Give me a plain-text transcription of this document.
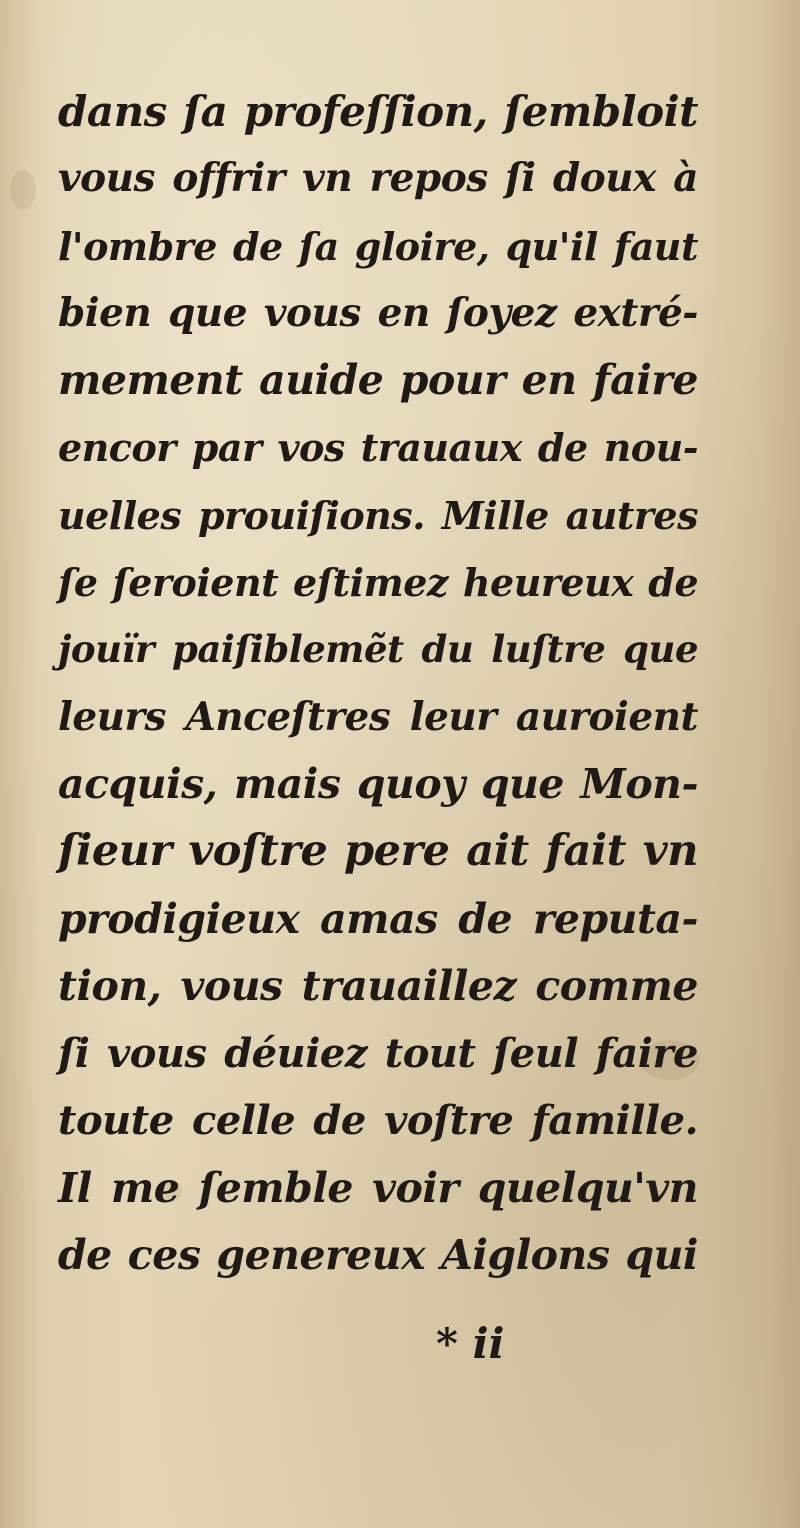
dans ſa profeſſion, ſembloit
vous offrir vn repos ſi doux à
l'ombre de ſa gloire, qu'il faut
bien que vous en ſoyez extré-
mement auide pour en faire
encor par vos trauaux de nou-
uelles prouiſions. Mille autres
ſe ſeroient eſtimez heureux de
jouïr paiſiblemẽt du luſtre que
leurs Anceſtres leur auroient
acquis, mais quoy que Mon-
ſieur voſtre pere ait fait vn
prodigieux amas de reputa-
tion, vous trauaillez comme
ſi vous déuiez tout ſeul faire
toute celle de voſtre famille.
Il me ſemble voir quelqu'vn
de ces genereux Aiglons qui
* ii
